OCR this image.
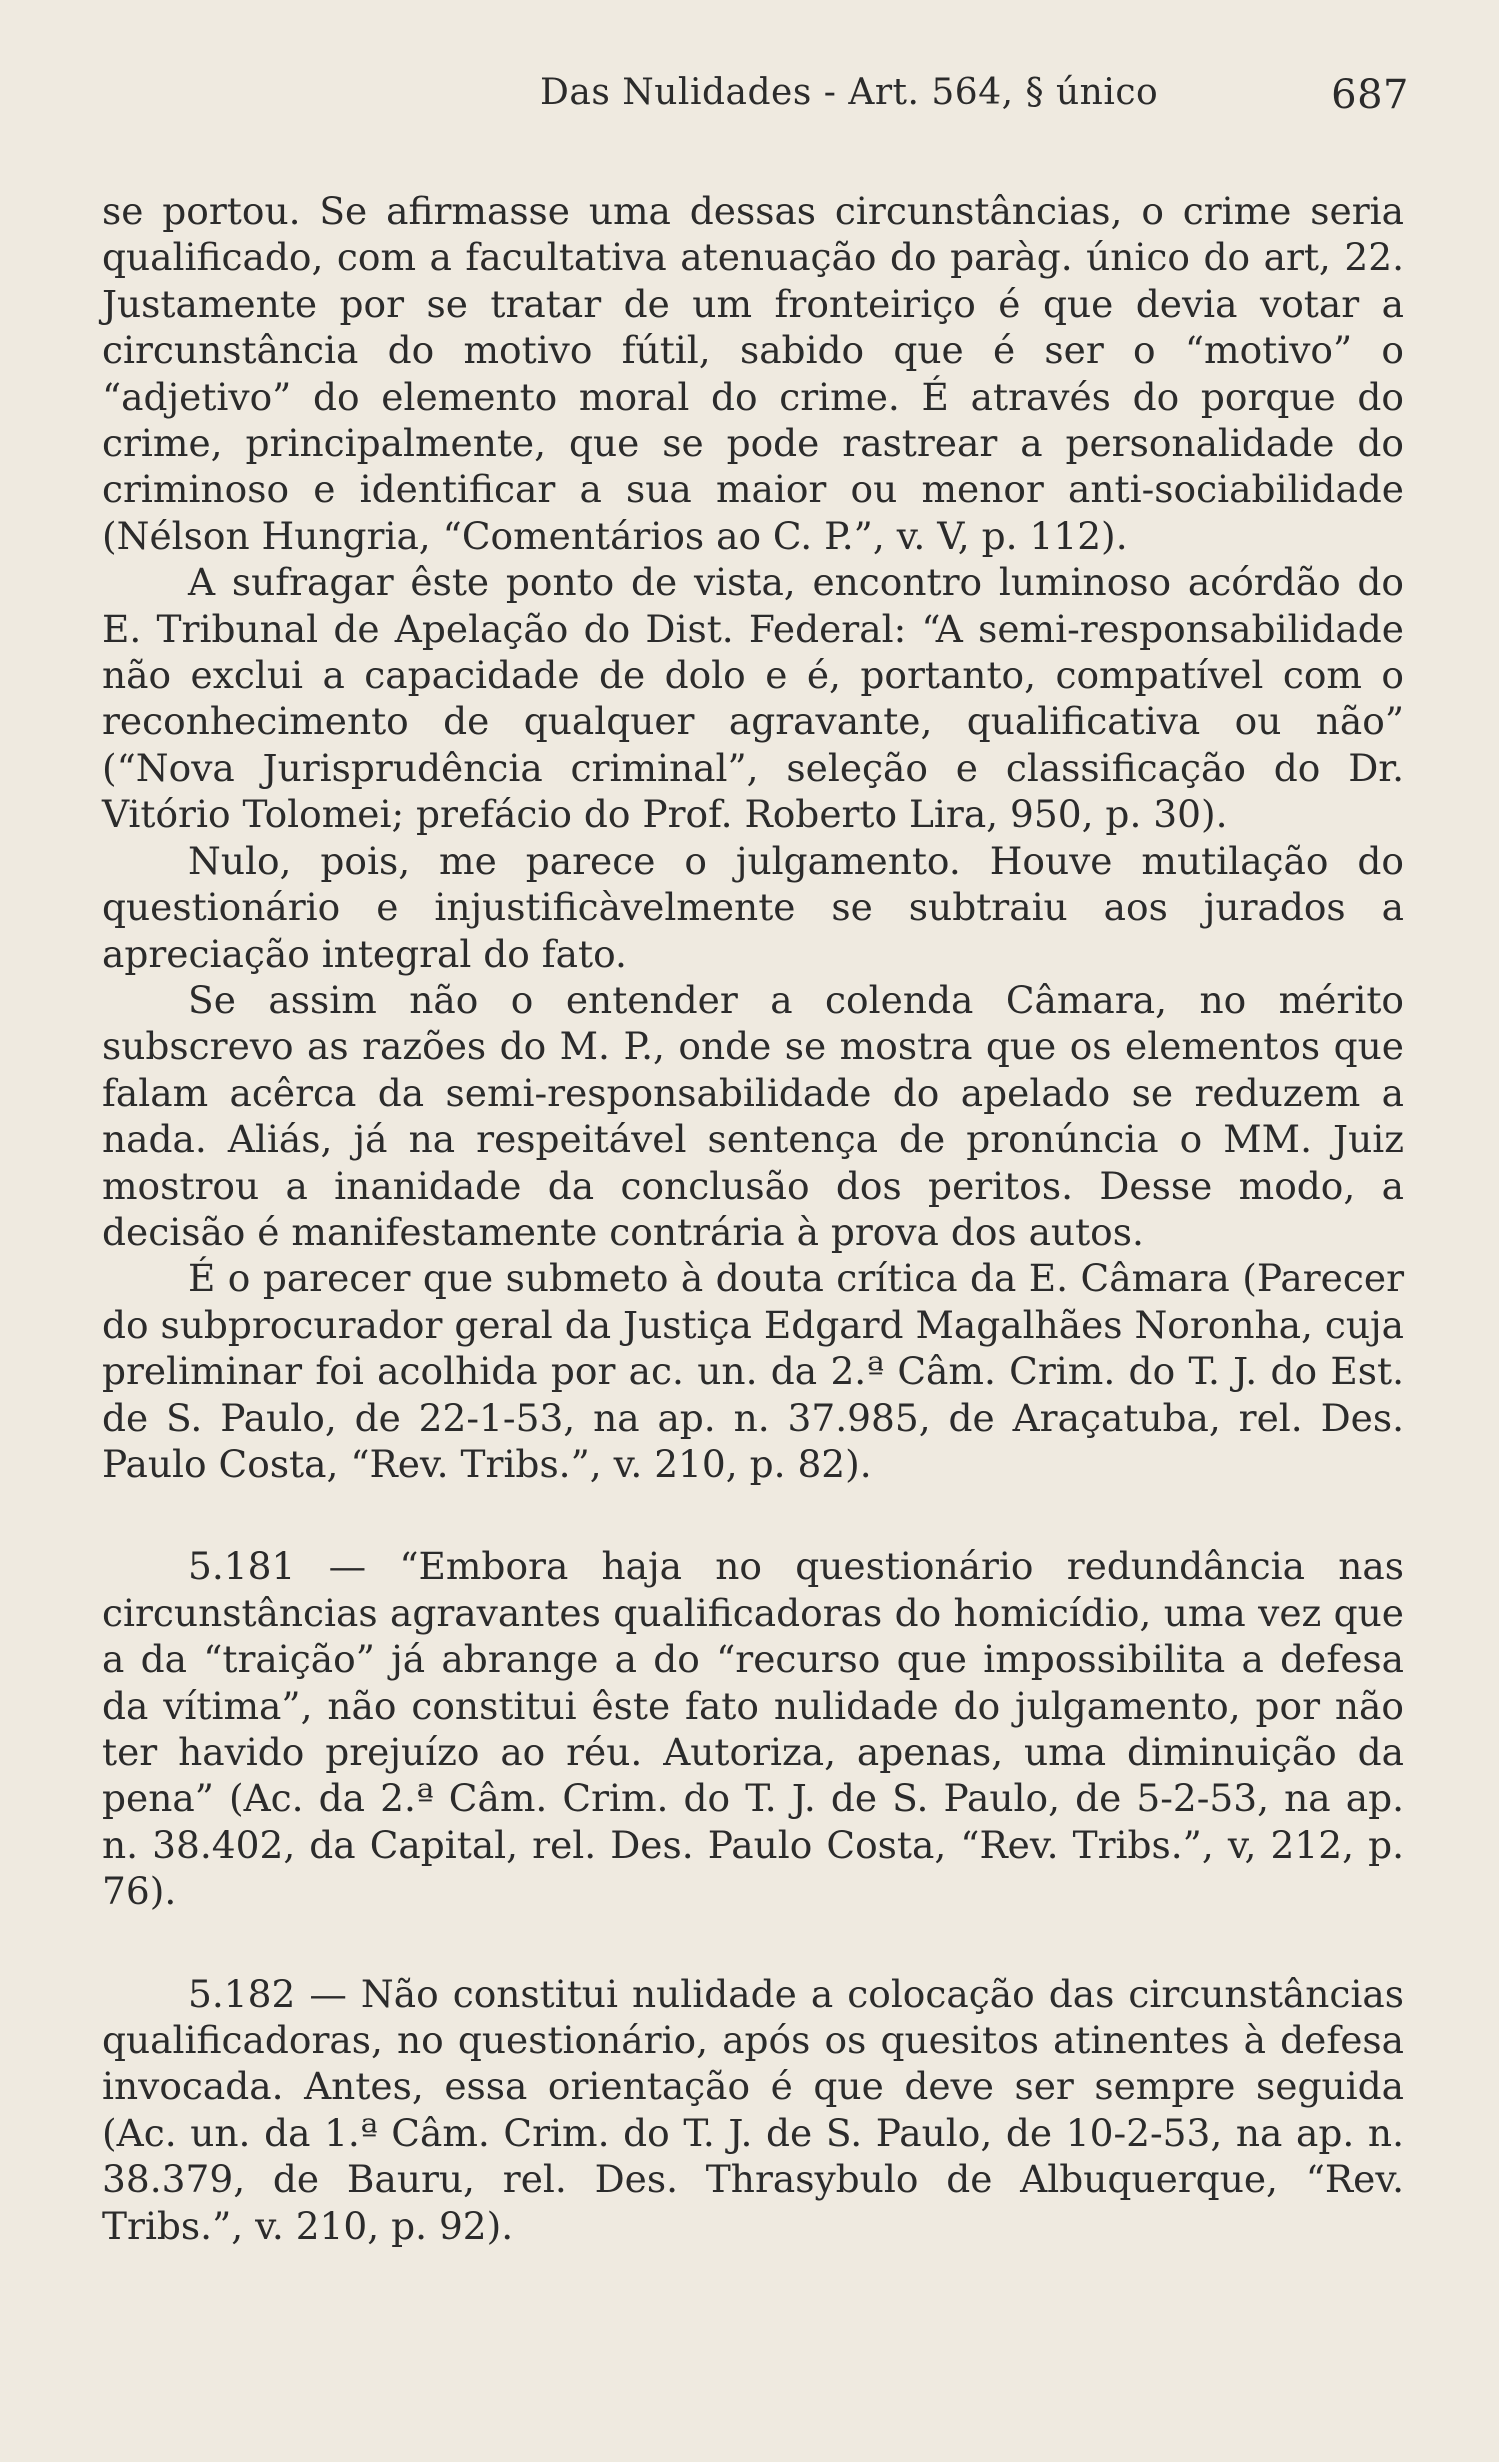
Das Nulidades - Art. 564, § único	687

se portou. Se afirmasse uma dessas circunstâncias, o crime seria qualificado, com a facultativa atenuação do paràg. único do art, 22. Justamente por se tratar de um fronteiriço é que devia votar a circunstância do motivo fútil, sabido que é ser o “motivo” o “adjetivo” do elemento moral do crime. É através do porque do crime, principalmente, que se pode rastrear a personalidade do criminoso e identificar a sua maior ou menor anti-sociabilidade (Nélson Hungria, “Comentários ao C. P.”, v. V, p. 112).

A sufragar êste ponto de vista, encontro luminoso acórdão do E. Tribunal de Apelação do Dist. Federal: “A semi-responsabilidade não exclui a capacidade de dolo e é, portanto, compatível com o reconhecimento de qualquer agravante, qualificativa ou não” (“Nova Jurisprudência criminal”, seleção e classificação do Dr. Vitório Tolomei; prefácio do Prof. Roberto Lira, 950, p. 30).

Nulo, pois, me parece o julgamento. Houve mutilação do questionário e injustificàvelmente se subtraiu aos jurados a apreciação integral do fato.

Se assim não o entender a colenda Câmara, no mérito subscrevo as razões do M. P., onde se mostra que os elementos que falam acêrca da semi-responsabilidade do apelado se reduzem a nada. Aliás, já na respeitável sentença de pronúncia o MM. Juiz mostrou a inanidade da conclusão dos peritos. Desse modo, a decisão é manifestamente contrária à prova dos autos.

É o parecer que submeto à douta crítica da E. Câmara (Parecer do subprocurador geral da Justiça Edgard Magalhães Noronha, cuja preliminar foi acolhida por ac. un. da 2.ª Câm. Crim. do T. J. do Est. de S. Paulo, de 22-1-53, na ap. n. 37.985, de Araçatuba, rel. Des. Paulo Costa, “Rev. Tribs.”, v. 210, p. 82).

5.181 — “Embora haja no questionário redundância nas circunstâncias agravantes qualificadoras do homicídio, uma vez que a da “traição” já abrange a do “recurso que impossibilita a defesa da vítima”, não constitui êste fato nulidade do julgamento, por não ter havido prejuízo ao réu. Autoriza, apenas, uma diminuição da pena” (Ac. da 2.ª Câm. Crim. do T. J. de S. Paulo, de 5-2-53, na ap. n. 38.402, da Capital, rel. Des. Paulo Costa, “Rev. Tribs.”, v, 212, p. 76).

5.182 — Não constitui nulidade a colocação das circunstâncias qualificadoras, no questionário, após os quesitos atinentes à defesa invocada. Antes, essa orientação é que deve ser sempre seguida (Ac. un. da 1.ª Câm. Crim. do T. J. de S. Paulo, de 10-2-53, na ap. n. 38.379, de Bauru, rel. Des. Thrasybulo de Albuquerque, “Rev. Tribs.”, v. 210, p. 92).
